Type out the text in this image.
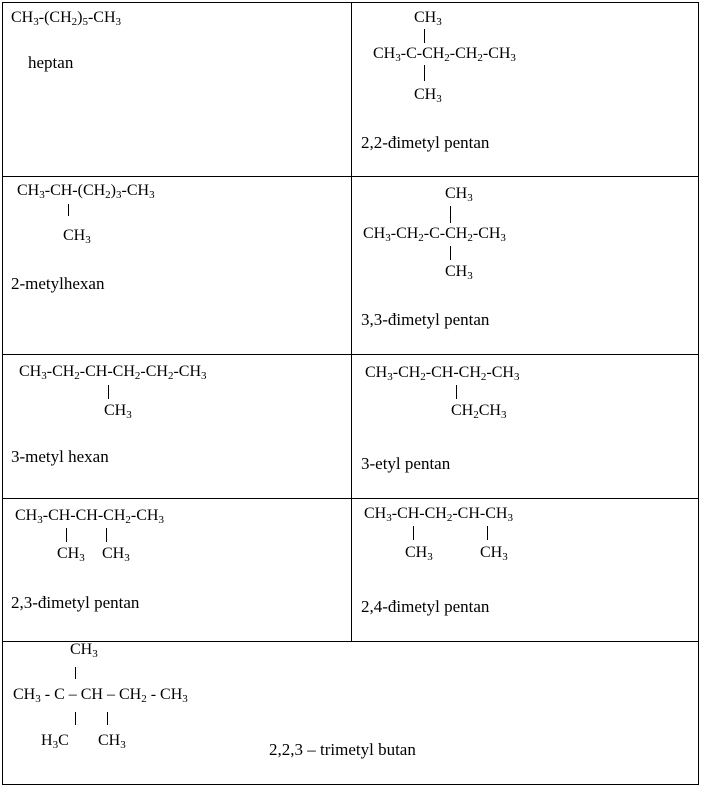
$CH_3-(CH_2)_5-CH_3$
heptan
$CH_3$
$CH_3-C-CH_2-CH_2-CH_3$
$CH_3$
2,2-đimetyl pentan
$CH_3-CH-(CH_2)_3-CH_3$
$CH_3$
2-metylhexan
$CH_3$
$CH_3-CH_2-C-CH_2-CH_3$
$CH_3$
3,3-đimetyl pentan
$CH_3-CH_2-CH-CH_2-CH_2-CH_3$
$CH_3$
3-metyl hexan
$CH_3-CH_2-CH-CH_2-CH_3$
$CH_2CH_3$
3-etyl pentan
$CH_3-CH-CH-CH_2-CH_3$
$CH_3$ $CH_3$
2,3-đimetyl pentan
$CH_3-CH-CH_2-CH-CH_3$
$CH_3$	$CH_3$
2,4-đimetyl pentan
$CH_3$
$CH_3$ - C – CH – $CH_2 - CH_3$
$H_3C$ $CH_3$	2,2,3 – trimetyl butan
